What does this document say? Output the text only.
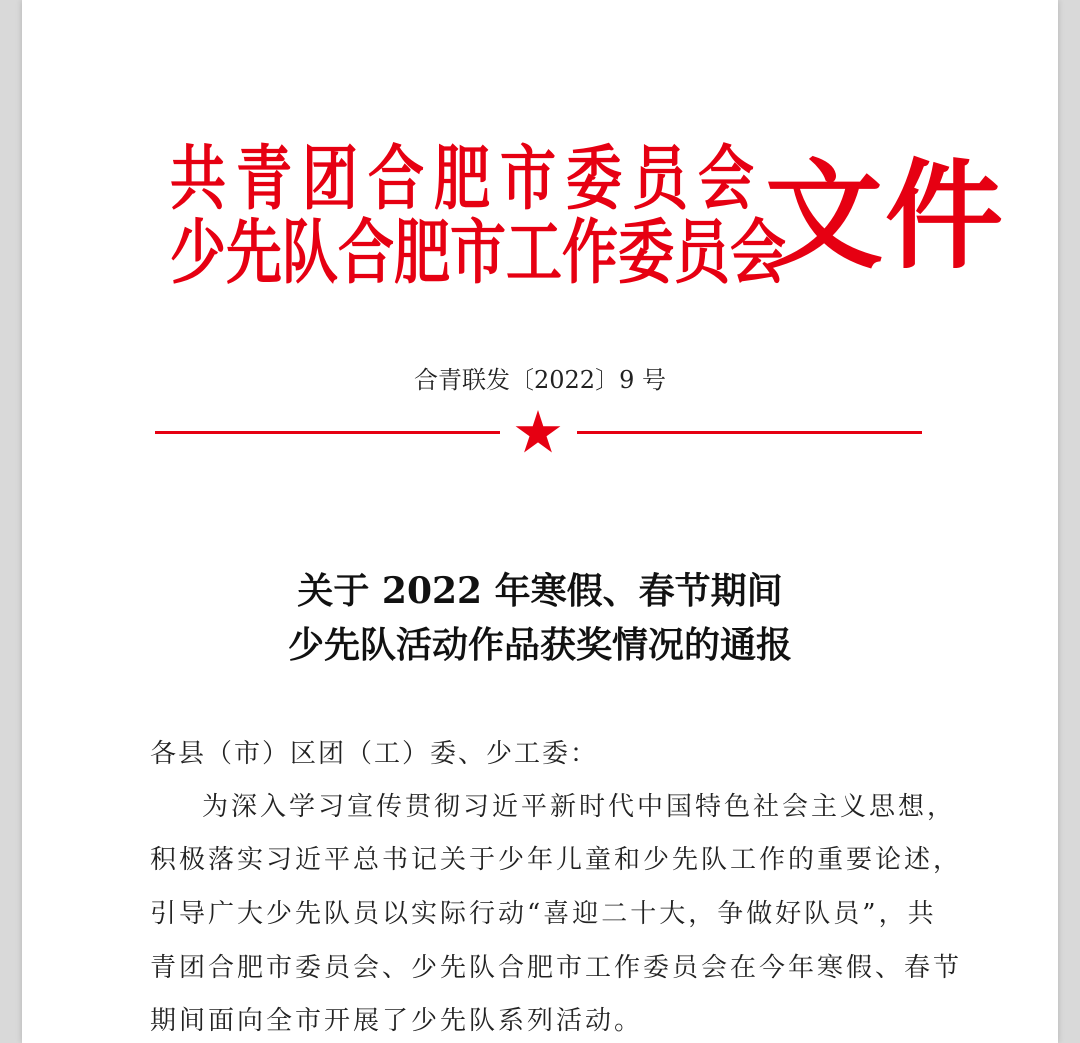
共青团合肥市委员会
少先队合肥市工作委员会
文件
合青联发〔2022〕9 号
关于 2022 年寒假、春节期间
少先队活动作品获奖情况的通报
各县（市）区团（工）委、少工委：
为深入学习宣传贯彻习近平新时代中国特色社会主义思想，
积极落实习近平总书记关于少年儿童和少先队工作的重要论述，
引导广大少先队员以实际行动“喜迎二十大，争做好队员”，共
青团合肥市委员会、少先队合肥市工作委员会在今年寒假、春节
期间面向全市开展了少先队系列活动。
